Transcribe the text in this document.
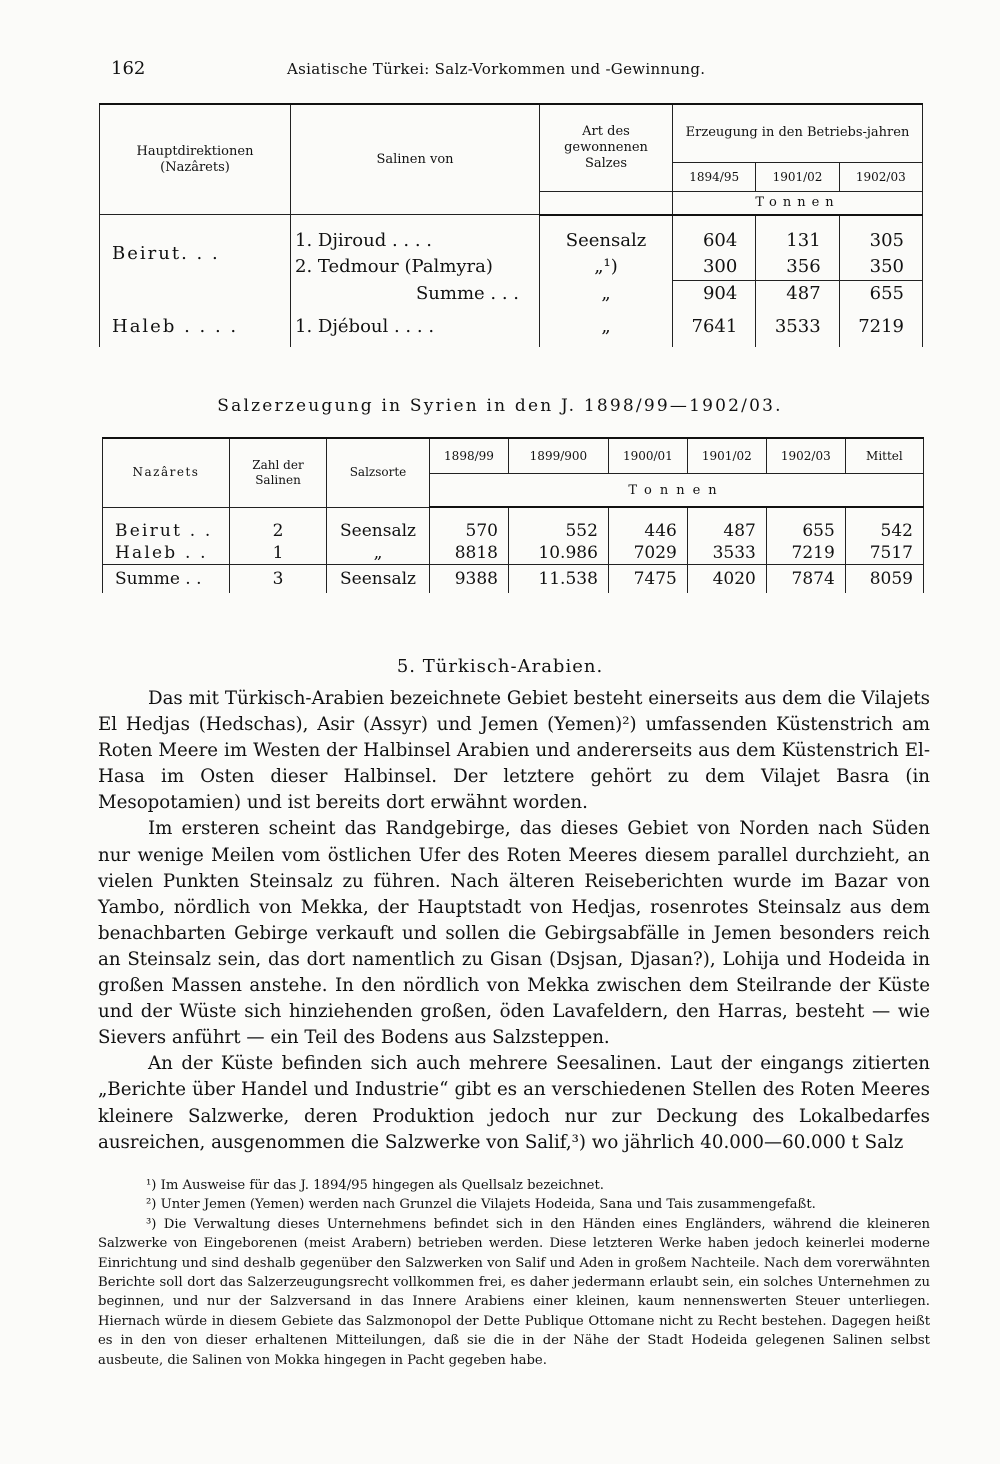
162	Asiatische Türkei: Salz-Vorkommen und -Gewinnung.
Hauptdirektionen (Nazârets)	Salinen von	Art des gewonnenen Salzes	Erzeugung in den Betriebs-jahren		
			1894/95	1901/02	1902/03
			Tonnen		

Beirut. . .	1. Djiroud . . . .	Seensalz	604	131	305
	2. Tedmour (Palmyra)	„¹)	300	356	350
	Summe . . .	„	904	487	655
Haleb . . . .	1. Djéboul . . . .	„	7641	3533	7219
Salzerzeugung in Syrien in den J. 1898/99—1902/03.
Nazârets	Zahl der Salinen	Salzsorte	1898/99	1899/900	1900/01	1901/02	1902/03	Mittel
			Tonnen					

Beirut . .	2	Seensalz	570	552	446	487	655	542
Haleb . .	1	„	8818	10.986	7029	3533	7219	7517
Summe . .	3	Seensalz	9388	11.538	7475	4020	7874	8059
5. Türkisch-Arabien.

Das mit Türkisch-Arabien bezeichnete Gebiet besteht einerseits aus dem die Vilajets El Hedjas (Hedschas), Asir (Assyr) und Jemen (Yemen)²) umfassenden Küstenstrich am Roten Meere im Westen der Halbinsel Arabien und andererseits aus dem Küstenstrich El-Hasa im Osten dieser Halbinsel. Der letztere gehört zu dem Vilajet Basra (in Mesopotamien) und ist bereits dort erwähnt worden.

Im ersteren scheint das Randgebirge, das dieses Gebiet von Norden nach Süden nur wenige Meilen vom östlichen Ufer des Roten Meeres diesem parallel durchzieht, an vielen Punkten Steinsalz zu führen. Nach älteren Reiseberichten wurde im Bazar von Yambo, nördlich von Mekka, der Hauptstadt von Hedjas, rosenrotes Steinsalz aus dem benachbarten Gebirge verkauft und sollen die Gebirgsabfälle in Jemen besonders reich an Steinsalz sein, das dort namentlich zu Gisan (Dsjsan, Djasan?), Lohija und Hodeida in großen Massen anstehe. In den nördlich von Mekka zwischen dem Steilrande der Küste und der Wüste sich hinziehenden großen, öden Lavafeldern, den Harras, besteht — wie Sievers anführt — ein Teil des Bodens aus Salzsteppen.

An der Küste befinden sich auch mehrere Seesalinen. Laut der eingangs zitierten „Berichte über Handel und Industrie“ gibt es an verschiedenen Stellen des Roten Meeres kleinere Salzwerke, deren Produktion jedoch nur zur Deckung des Lokalbedarfes ausreichen, ausgenommen die Salzwerke von Salif,³) wo jährlich 40.000—60.000 t Salz

¹) Im Ausweise für das J. 1894/95 hingegen als Quellsalz bezeichnet.

²) Unter Jemen (Yemen) werden nach Grunzel die Vilajets Hodeida, Sana und Tais zusammengefaßt.

³) Die Verwaltung dieses Unternehmens befindet sich in den Händen eines Engländers, während die kleineren Salzwerke von Eingeborenen (meist Arabern) betrieben werden. Diese letzteren Werke haben jedoch keinerlei moderne Einrichtung und sind deshalb gegenüber den Salzwerken von Salif und Aden in großem Nachteile. Nach dem vorerwähnten Berichte soll dort das Salzerzeugungsrecht vollkommen frei, es daher jedermann erlaubt sein, ein solches Unternehmen zu beginnen, und nur der Salzversand in das Innere Arabiens einer kleinen, kaum nennenswerten Steuer unterliegen. Hiernach würde in diesem Gebiete das Salzmonopol der Dette Publique Ottomane nicht zu Recht bestehen. Dagegen heißt es in den von dieser erhaltenen Mitteilungen, daß sie die in der Nähe der Stadt Hodeida gelegenen Salinen selbst ausbeute, die Salinen von Mokka hingegen in Pacht gegeben habe.
